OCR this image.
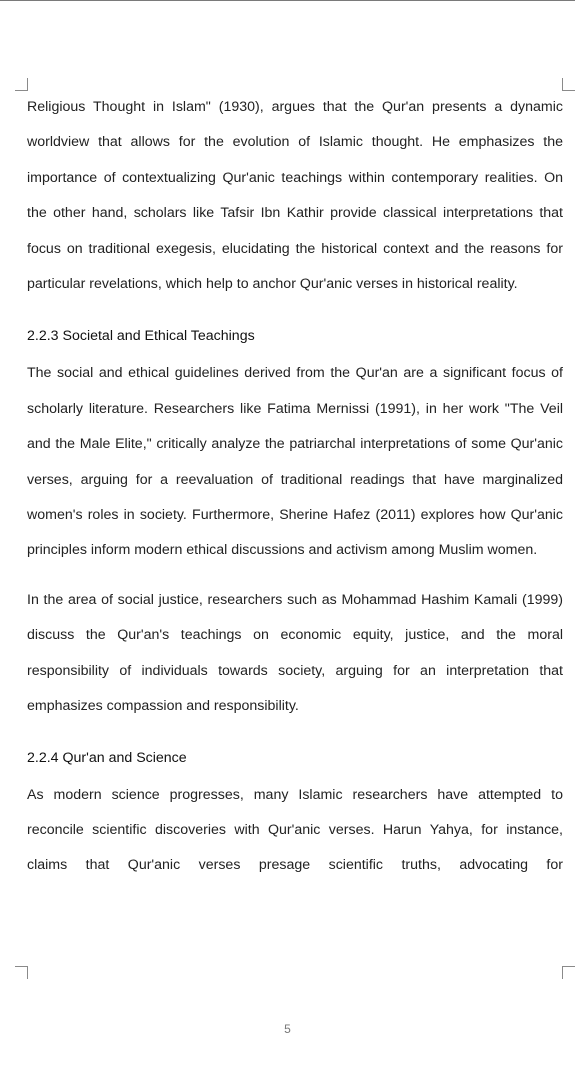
Religious Thought in Islam" (1930), argues that the Qur'an presents a dynamic worldview that allows for the evolution of Islamic thought. He emphasizes the importance of contextualizing Qur'anic teachings within contemporary realities. On the other hand, scholars like Tafsir Ibn Kathir provide classical interpretations that focus on traditional exegesis, elucidating the historical context and the reasons for particular revelations, which help to anchor Qur'anic verses in historical reality.

2.2.3 Societal and Ethical Teachings

The social and ethical guidelines derived from the Qur'an are a significant focus of scholarly literature. Researchers like Fatima Mernissi (1991), in her work "The Veil and the Male Elite," critically analyze the patriarchal interpretations of some Qur'anic verses, arguing for a reevaluation of traditional readings that have marginalized women's roles in society. Furthermore, Sherine Hafez (2011) explores how Qur'anic principles inform modern ethical discussions and activism among Muslim women.

In the area of social justice, researchers such as Mohammad Hashim Kamali (1999) discuss the Qur'an's teachings on economic equity, justice, and the moral responsibility of individuals towards society, arguing for an interpretation that emphasizes compassion and responsibility.

2.2.4 Qur'an and Science

As modern science progresses, many Islamic researchers have attempted to reconcile scientific discoveries with Qur'anic verses. Harun Yahya, for instance, claims that Qur'anic verses presage scientific truths, advocating for

5
